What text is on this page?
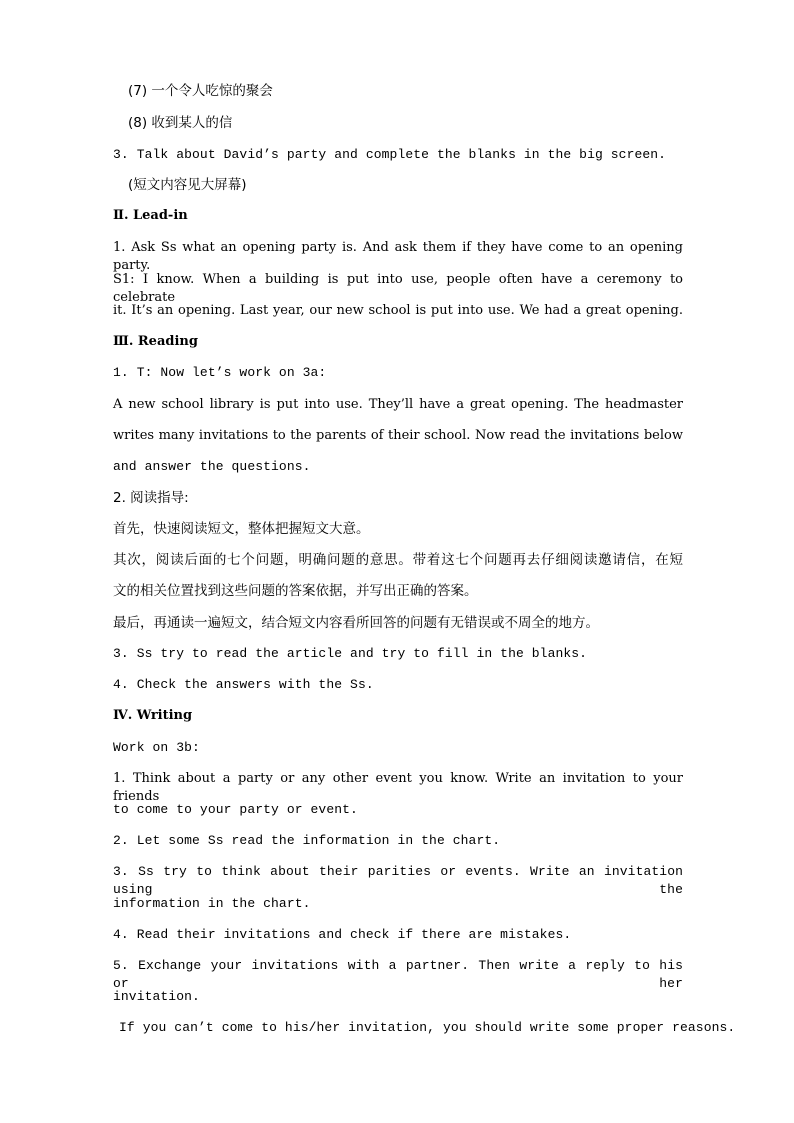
(7) 一个令人吃惊的聚会
(8) 收到某人的信
3. Talk about David’s party and complete the blanks in the big screen.
(短文内容见大屏幕)
Ⅱ. Lead-in
1. Ask Ss what an opening party is. And ask them if they have come to an opening party.
S1: I know. When a building is put into use, people often have a ceremony to celebrate
it. It’s an opening. Last year, our new school is put into use. We had a great opening.
Ⅲ. Reading
1. T: Now let’s work on 3a:
A new school library is put into use. They’ll have a great opening. The headmaster
writes many invitations to the parents of their school. Now read the invitations below
and answer the questions.
2. 阅读指导:
首先，快速阅读短文，整体把握短文大意。
其次，阅读后面的七个问题，明确问题的意思。带着这七个问题再去仔细阅读邀请信，在短
文的相关位置找到这些问题的答案依据，并写出正确的答案。
最后，再通读一遍短文，结合短文内容看所回答的问题有无错误或不周全的地方。
3. Ss try to read the article and try to fill in the blanks.
4. Check the answers with the Ss.
Ⅳ. Writing
Work on 3b:
1. Think about a party or any other event you know. Write an invitation to your friends
to come to your party or event.
2. Let some Ss read the information in the chart.
3. Ss try to think about their parities or events. Write an invitation using the
information in the chart.
4. Read their invitations and check if there are mistakes.
5. Exchange your invitations with a partner. Then write a reply to his or her
invitation.
If you can’t come to his/her invitation, you should write some proper reasons.
